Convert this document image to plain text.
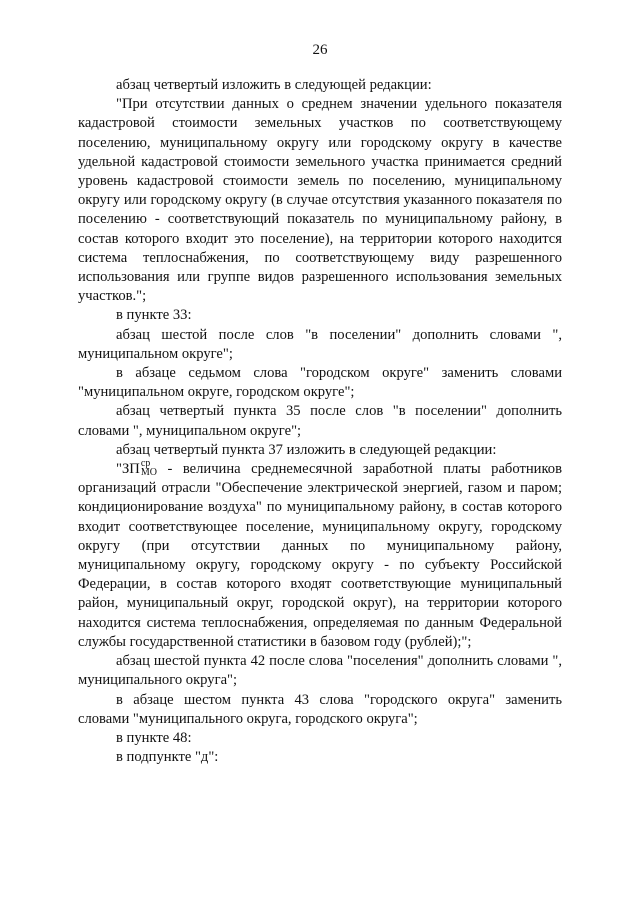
26

абзац четвертый изложить в следующей редакции:

"При отсутствии данных о среднем значении удельного показателя кадастровой стоимости земельных участков по соответствующему поселению, муниципальному округу или городскому округу в качестве удельной кадастровой стоимости земельного участка принимается средний уровень кадастровой стоимости земель по поселению, муниципальному округу или городскому округу (в случае отсутствия указанного показателя по поселению - соответствующий показатель по муниципальному району, в состав которого входит это поселение), на территории которого находится система теплоснабжения, по соответствующему виду разрешенного использования или группе видов разрешенного использования земельных участков.";

в пункте 33:

абзац шестой после слов "в поселении" дополнить словами ", муниципальном округе";

в абзаце седьмом слова "городском округе" заменить словами "муниципальном округе, городском округе";

абзац четвертый пункта 35 после слов "в поселении" дополнить словами ", муниципальном округе";

абзац четвертый пункта 37 изложить в следующей редакции:

"ЗП ср
МО - величина среднемесячной заработной платы работников организаций отрасли "Обеспечение электрической энергией, газом и паром; кондиционирование воздуха" по муниципальному району, в состав которого входит соответствующее поселение, муниципальному округу, городскому округу (при отсутствии данных по муниципальному району, муниципальному округу, городскому округу - по субъекту Российской Федерации, в состав которого входят соответствующие муниципальный район, муниципальный округ, городской округ), на территории которого находится система теплоснабжения, определяемая по данным Федеральной службы государственной статистики в базовом году (рублей);";

абзац шестой пункта 42 после слова "поселения" дополнить словами ", муниципального округа";

в абзаце шестом пункта 43 слова "городского округа" заменить словами "муниципального округа, городского округа";

в пункте 48:

в подпункте "д":
